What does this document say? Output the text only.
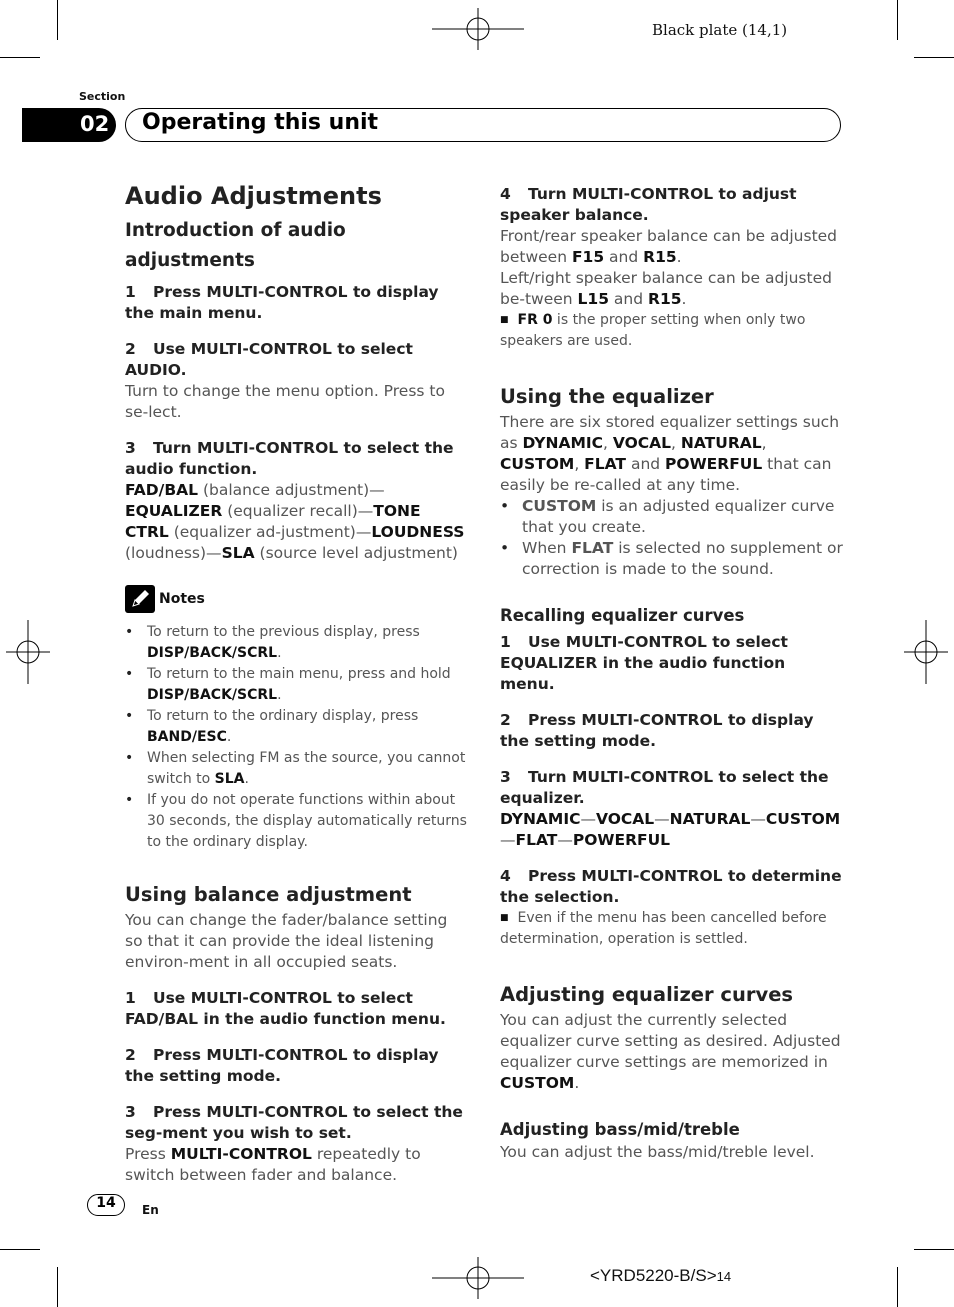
Black plate (14,1)
Section
02 Operating this unit

Audio Adjustments

Introduction of audio adjustments

1 Press MULTI-CONTROL to display the main menu.

2 Use MULTI-CONTROL to select AUDIO.

Turn to change the menu option. Press to se-lect.

3 Turn MULTI-CONTROL to select the audio function.

FAD/BAL (balance adjustment)—EQUALIZER (equalizer recall)—TONE CTRL (equalizer ad-justment)—LOUDNESS (loudness)—SLA (source level adjustment)

Notes

• To return to the previous display, press DISP/BACK/SCRL.

• To return to the main menu, press and hold DISP/BACK/SCRL.

• To return to the ordinary display, press BAND/ESC.

• When selecting FM as the source, you cannot switch to SLA.

• If you do not operate functions within about 30 seconds, the display automatically returns to the ordinary display.

Using balance adjustment

You can change the fader/balance setting so that it can provide the ideal listening environ-ment in all occupied seats.

1 Use MULTI-CONTROL to select FAD/BAL in the audio function menu.

2 Press MULTI-CONTROL to display the setting mode.

3 Press MULTI-CONTROL to select the seg-ment you wish to set.

Press MULTI-CONTROL repeatedly to switch between fader and balance.

4 Turn MULTI-CONTROL to adjust speaker balance.

Front/rear speaker balance can be adjusted between F15 and R15.

Left/right speaker balance can be adjusted be-tween L15 and R15.

■ FR 0 is the proper setting when only two speakers are used.

Using the equalizer

There are six stored equalizer settings such as DYNAMIC, VOCAL, NATURAL, CUSTOM, FLAT and POWERFUL that can easily be re-called at any time.

• CUSTOM is an adjusted equalizer curve that you create.

• When FLAT is selected no supplement or correction is made to the sound.

Recalling equalizer curves

1 Use MULTI-CONTROL to select EQUALIZER in the audio function menu.

2 Press MULTI-CONTROL to display the setting mode.

3 Turn MULTI-CONTROL to select the equalizer.

DYNAMIC—VOCAL—NATURAL—CUSTOM
—FLAT—POWERFUL

4 Press MULTI-CONTROL to determine the selection.

■ Even if the menu has been cancelled before determination, operation is settled.

Adjusting equalizer curves

You can adjust the currently selected equalizer curve setting as desired. Adjusted equalizer curve settings are memorized in CUSTOM.

Adjusting bass/mid/treble

You can adjust the bass/mid/treble level.

14	En
<YRD5220-B/S>14
